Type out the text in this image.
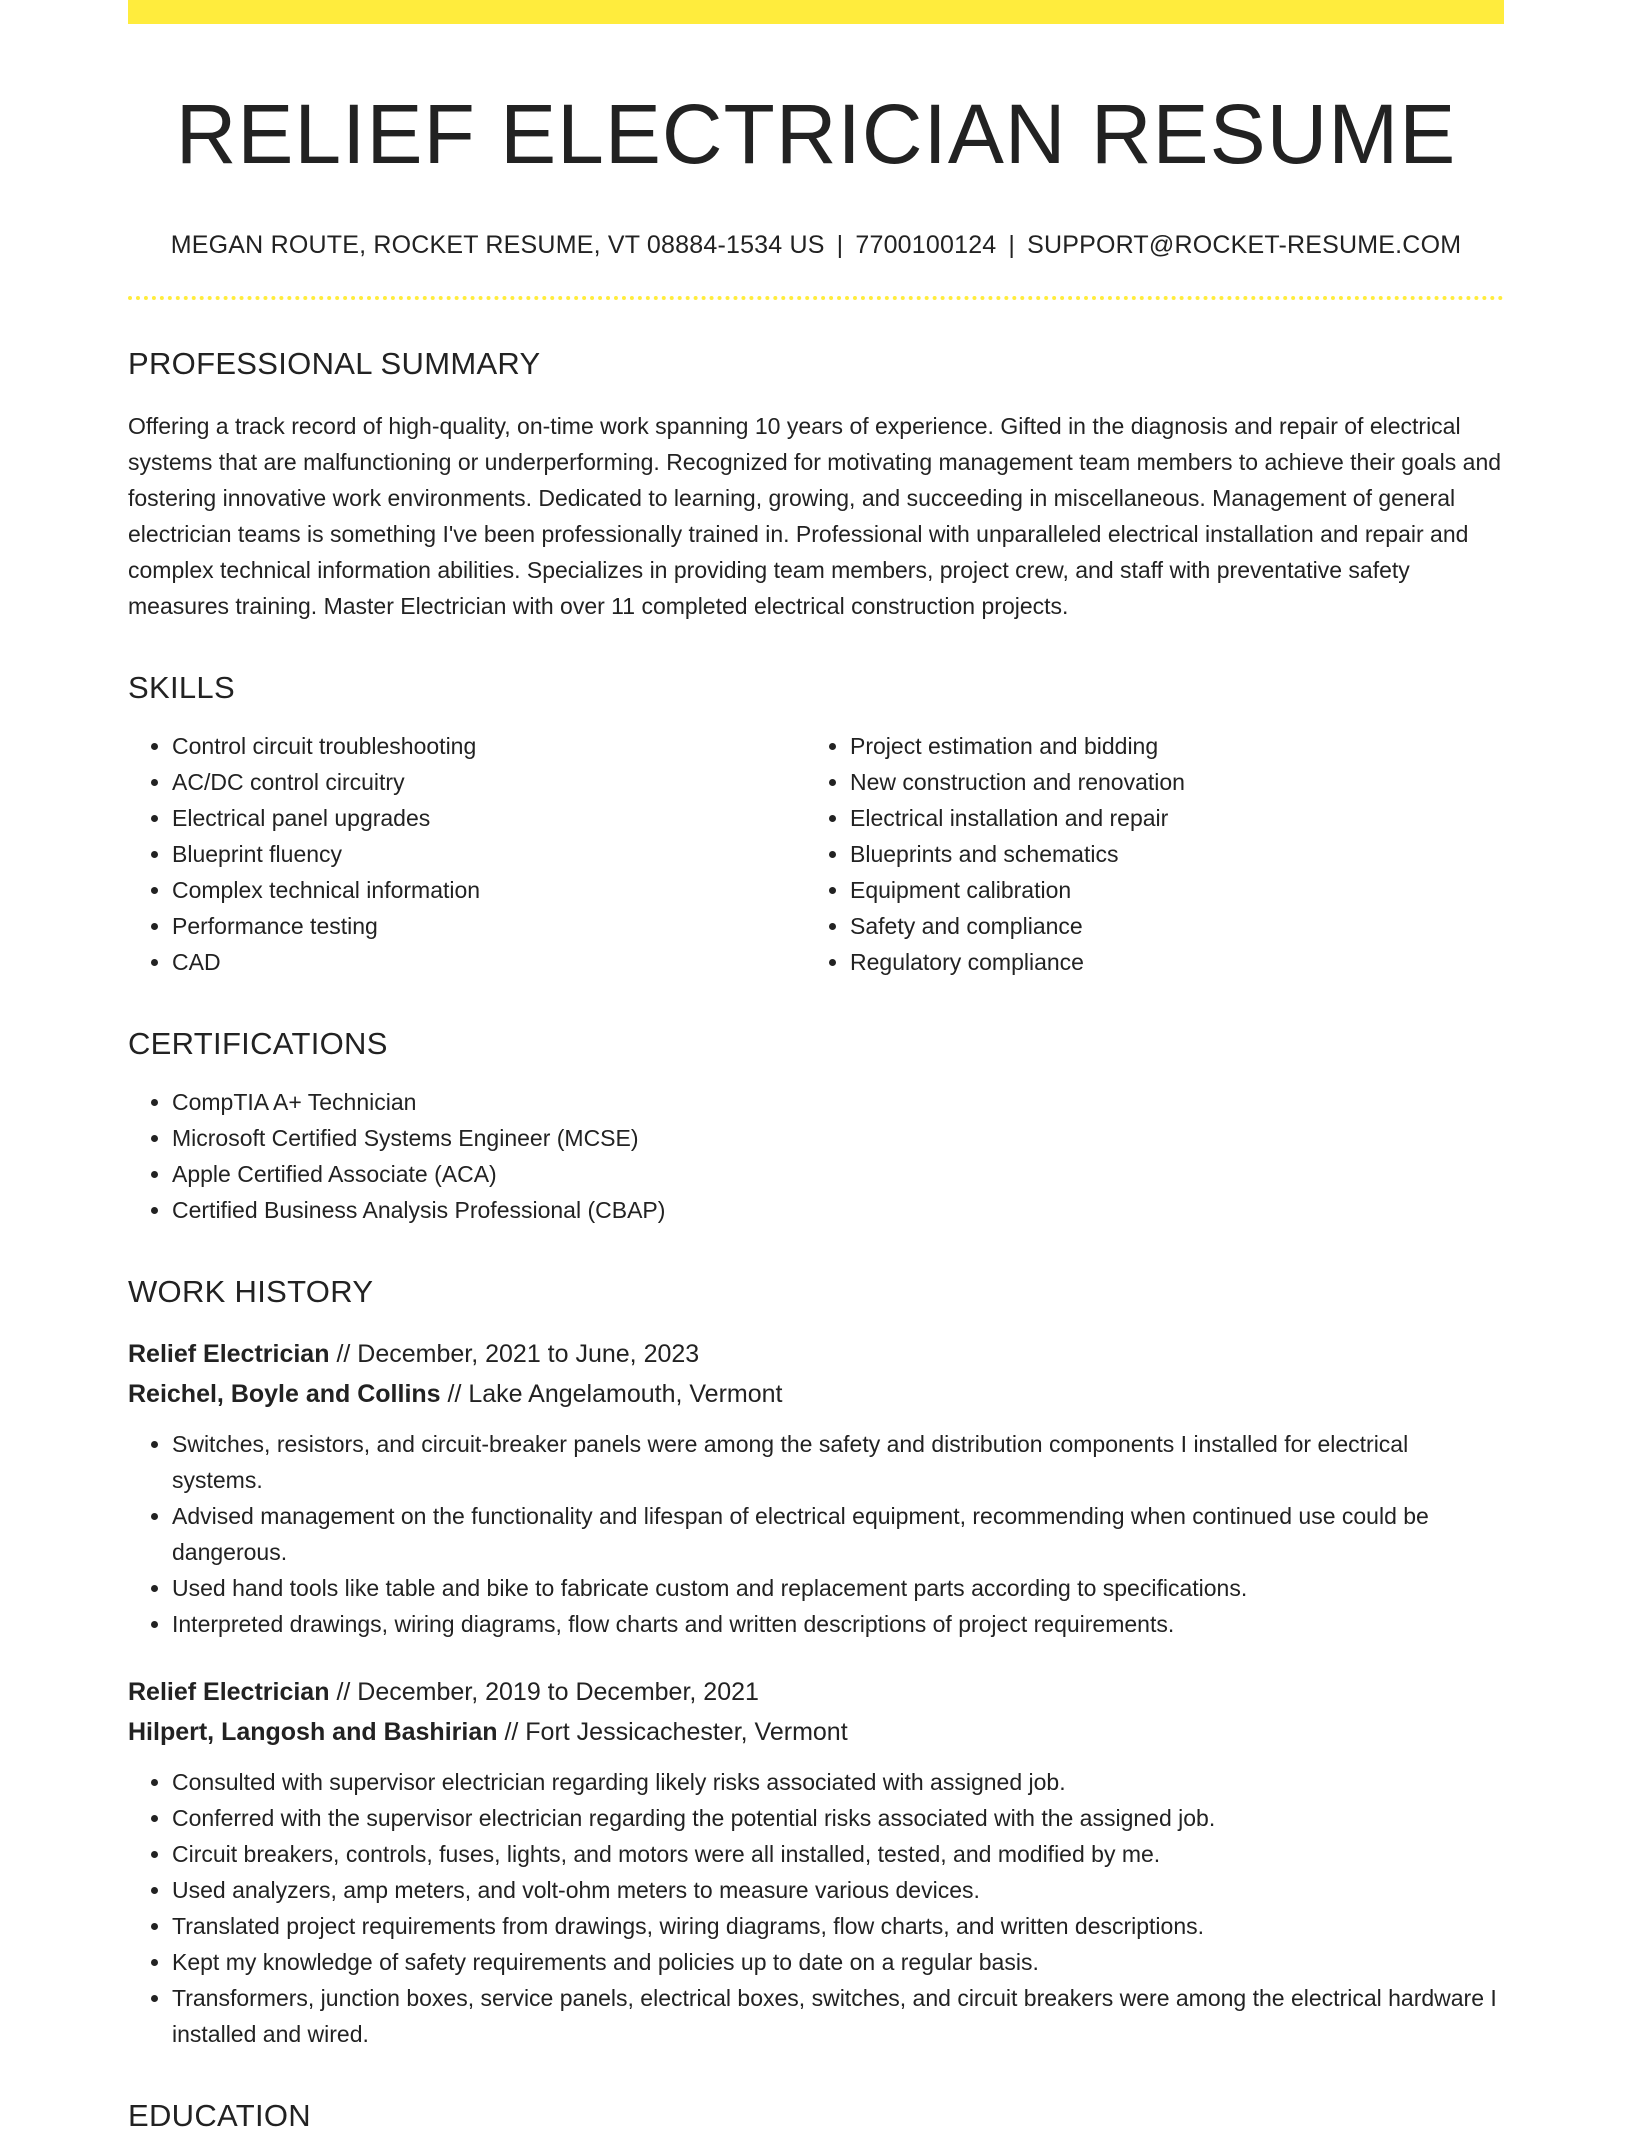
RELIEF ELECTRICIAN RESUME
MEGAN ROUTE, ROCKET RESUME, VT 08884-1534 US | 7700100124 | SUPPORT@ROCKET-RESUME.COM
PROFESSIONAL SUMMARY

Offering a track record of high-quality, on-time work spanning 10 years of experience. Gifted in the diagnosis and repair of electrical systems that are malfunctioning or underperforming. Recognized for motivating management team members to achieve their goals and fostering innovative work environments. Dedicated to learning, growing, and succeeding in miscellaneous. Management of general electrician teams is something I've been professionally trained in. Professional with unparalleled electrical installation and repair and complex technical information abilities. Specializes in providing team members, project crew, and staff with preventative safety measures training. Master Electrician with over 11 completed electrical construction projects.

SKILLS
• Control circuit troubleshooting
• AC/DC control circuitry
• Electrical panel upgrades
• Blueprint fluency
• Complex technical information
• Performance testing
• CAD
• Project estimation and bidding
• New construction and renovation
• Electrical installation and repair
• Blueprints and schematics
• Equipment calibration
• Safety and compliance
• Regulatory compliance
CERTIFICATIONS
• CompTIA A+ Technician
• Microsoft Certified Systems Engineer (MCSE)
• Apple Certified Associate (ACA)
• Certified Business Analysis Professional (CBAP)
WORK HISTORY
Relief Electrician // December, 2021 to June, 2023
Reichel, Boyle and Collins // Lake Angelamouth, Vermont
• Switches, resistors, and circuit-breaker panels were among the safety and distribution components I installed for electrical systems.
• Advised management on the functionality and lifespan of electrical equipment, recommending when continued use could be dangerous.
• Used hand tools like table and bike to fabricate custom and replacement parts according to specifications.
• Interpreted drawings, wiring diagrams, flow charts and written descriptions of project requirements.
Relief Electrician // December, 2019 to December, 2021
Hilpert, Langosh and Bashirian // Fort Jessicachester, Vermont
• Consulted with supervisor electrician regarding likely risks associated with assigned job.
• Conferred with the supervisor electrician regarding the potential risks associated with the assigned job.
• Circuit breakers, controls, fuses, lights, and motors were all installed, tested, and modified by me.
• Used analyzers, amp meters, and volt-ohm meters to measure various devices.
• Translated project requirements from drawings, wiring diagrams, flow charts, and written descriptions.
• Kept my knowledge of safety requirements and policies up to date on a regular basis.
• Transformers, junction boxes, service panels, electrical boxes, switches, and circuit breakers were among the electrical hardware I installed and wired.
EDUCATION
